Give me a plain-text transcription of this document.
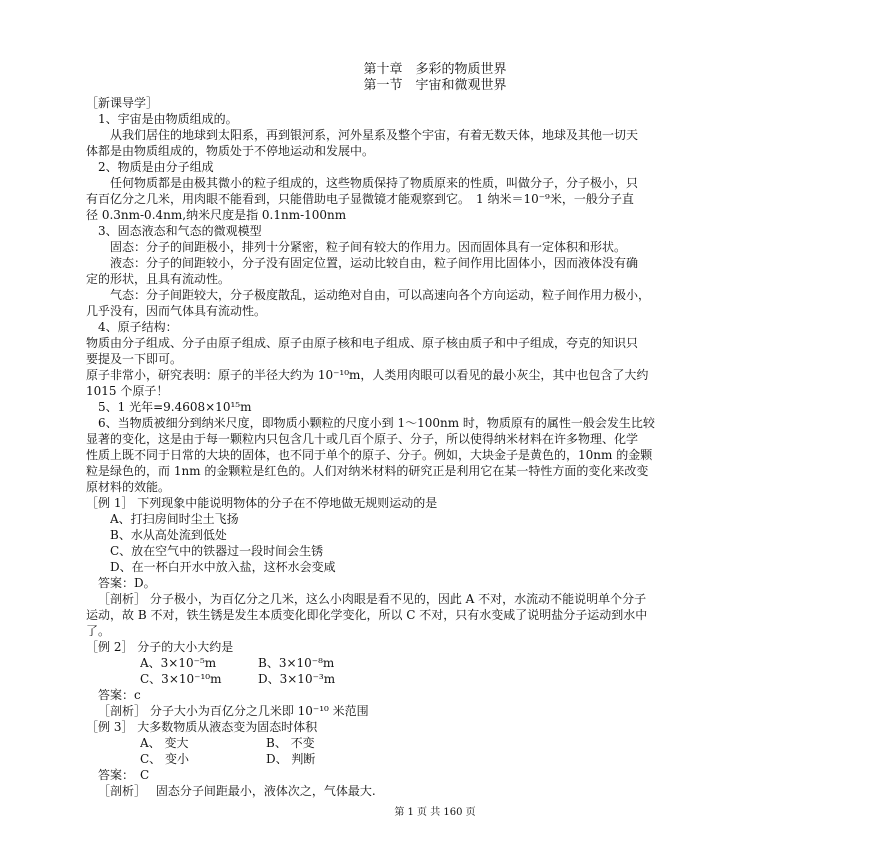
第十章　多彩的物质世界
第一节　宇宙和微观世界
［新课导学］
1、宇宙是由物质组成的。
从我们居住的地球到太阳系，再到银河系，河外星系及整个宇宙，有着无数天体，地球及其他一切天
体都是由物质组成的，物质处于不停地运动和发展中。
2、物质是由分子组成
任何物质都是由极其微小的粒子组成的，这些物质保持了物质原来的性质，叫做分子，分子极小，只
有百亿分之几米，用肉眼不能看到，只能借助电子显微镜才能观察到它。　1 纳米＝10⁻⁹米，一般分子直
径 0.3nm-0.4nm,纳米尺度是指 0.1nm-100nm
3、固态液态和气态的微观模型
固态：分子的间距极小，排列十分紧密，粒子间有较大的作用力。因而固体具有一定体积和形状。
液态：分子的间距较小，分子没有固定位置，运动比较自由，粒子间作用比固体小，因而液体没有确
定的形状，且具有流动性。
气态：分子间距较大，分子极度散乱，运动绝对自由，可以高速向各个方向运动，粒子间作用力极小，
几乎没有，因而气体具有流动性。
4、原子结构：
物质由分子组成、分子由原子组成、原子由原子核和电子组成、原子核由质子和中子组成，夸克的知识只
要提及一下即可。
原子非常小，研究表明：原子的半径大约为 10⁻¹⁰m，人类用肉眼可以看见的最小灰尘，其中也包含了大约
1015 个原子！
5、1 光年=9.4608×10¹⁵m
6、当物质被细分到纳米尺度，即物质小颗粒的尺度小到 1～100nm 时，物质原有的属性一般会发生比较
显著的变化，这是由于每一颗粒内只包含几十或几百个原子、分子，所以使得纳米材料在许多物理、化学
性质上既不同于日常的大块的固体，也不同于单个的原子、分子。例如，大块金子是黄色的，10nm 的金颗
粒是绿色的，而 1nm 的金颗粒是红色的。人们对纳米材料的研究正是利用它在某一特性方面的变化来改变
原材料的效能。
［例 1］ 下列现象中能说明物体的分子在不停地做无规则运动的是
A、打扫房间时尘土飞扬
B、水从高处流到低处
C、放在空气中的铁器过一段时间会生锈
D、在一杯白开水中放入盐，这杯水会变咸
答案：D。
［剖析］ 分子极小，为百亿分之几米，这么小肉眼是看不见的，因此 A 不对，水流动不能说明单个分子
运动，故 B 不对，铁生锈是发生本质变化即化学变化，所以 C 不对，只有水变咸了说明盐分子运动到水中
了。
［例 2］ 分子的大小大约是
A、3×10⁻⁵m	B、3×10⁻⁸m
C、3×10⁻¹⁰m	D、3×10⁻³m
答案：c
［剖析］ 分子大小为百亿分之几米即 10⁻¹⁰ 米范围
［例 3］ 大多数物质从液态变为固态时体积
A、 变大	B、 不变
C、 变小	D、 判断
答案：　C
［剖析］　 固态分子间距最小，液体次之，气体最大.
第 1 页 共 160 页
